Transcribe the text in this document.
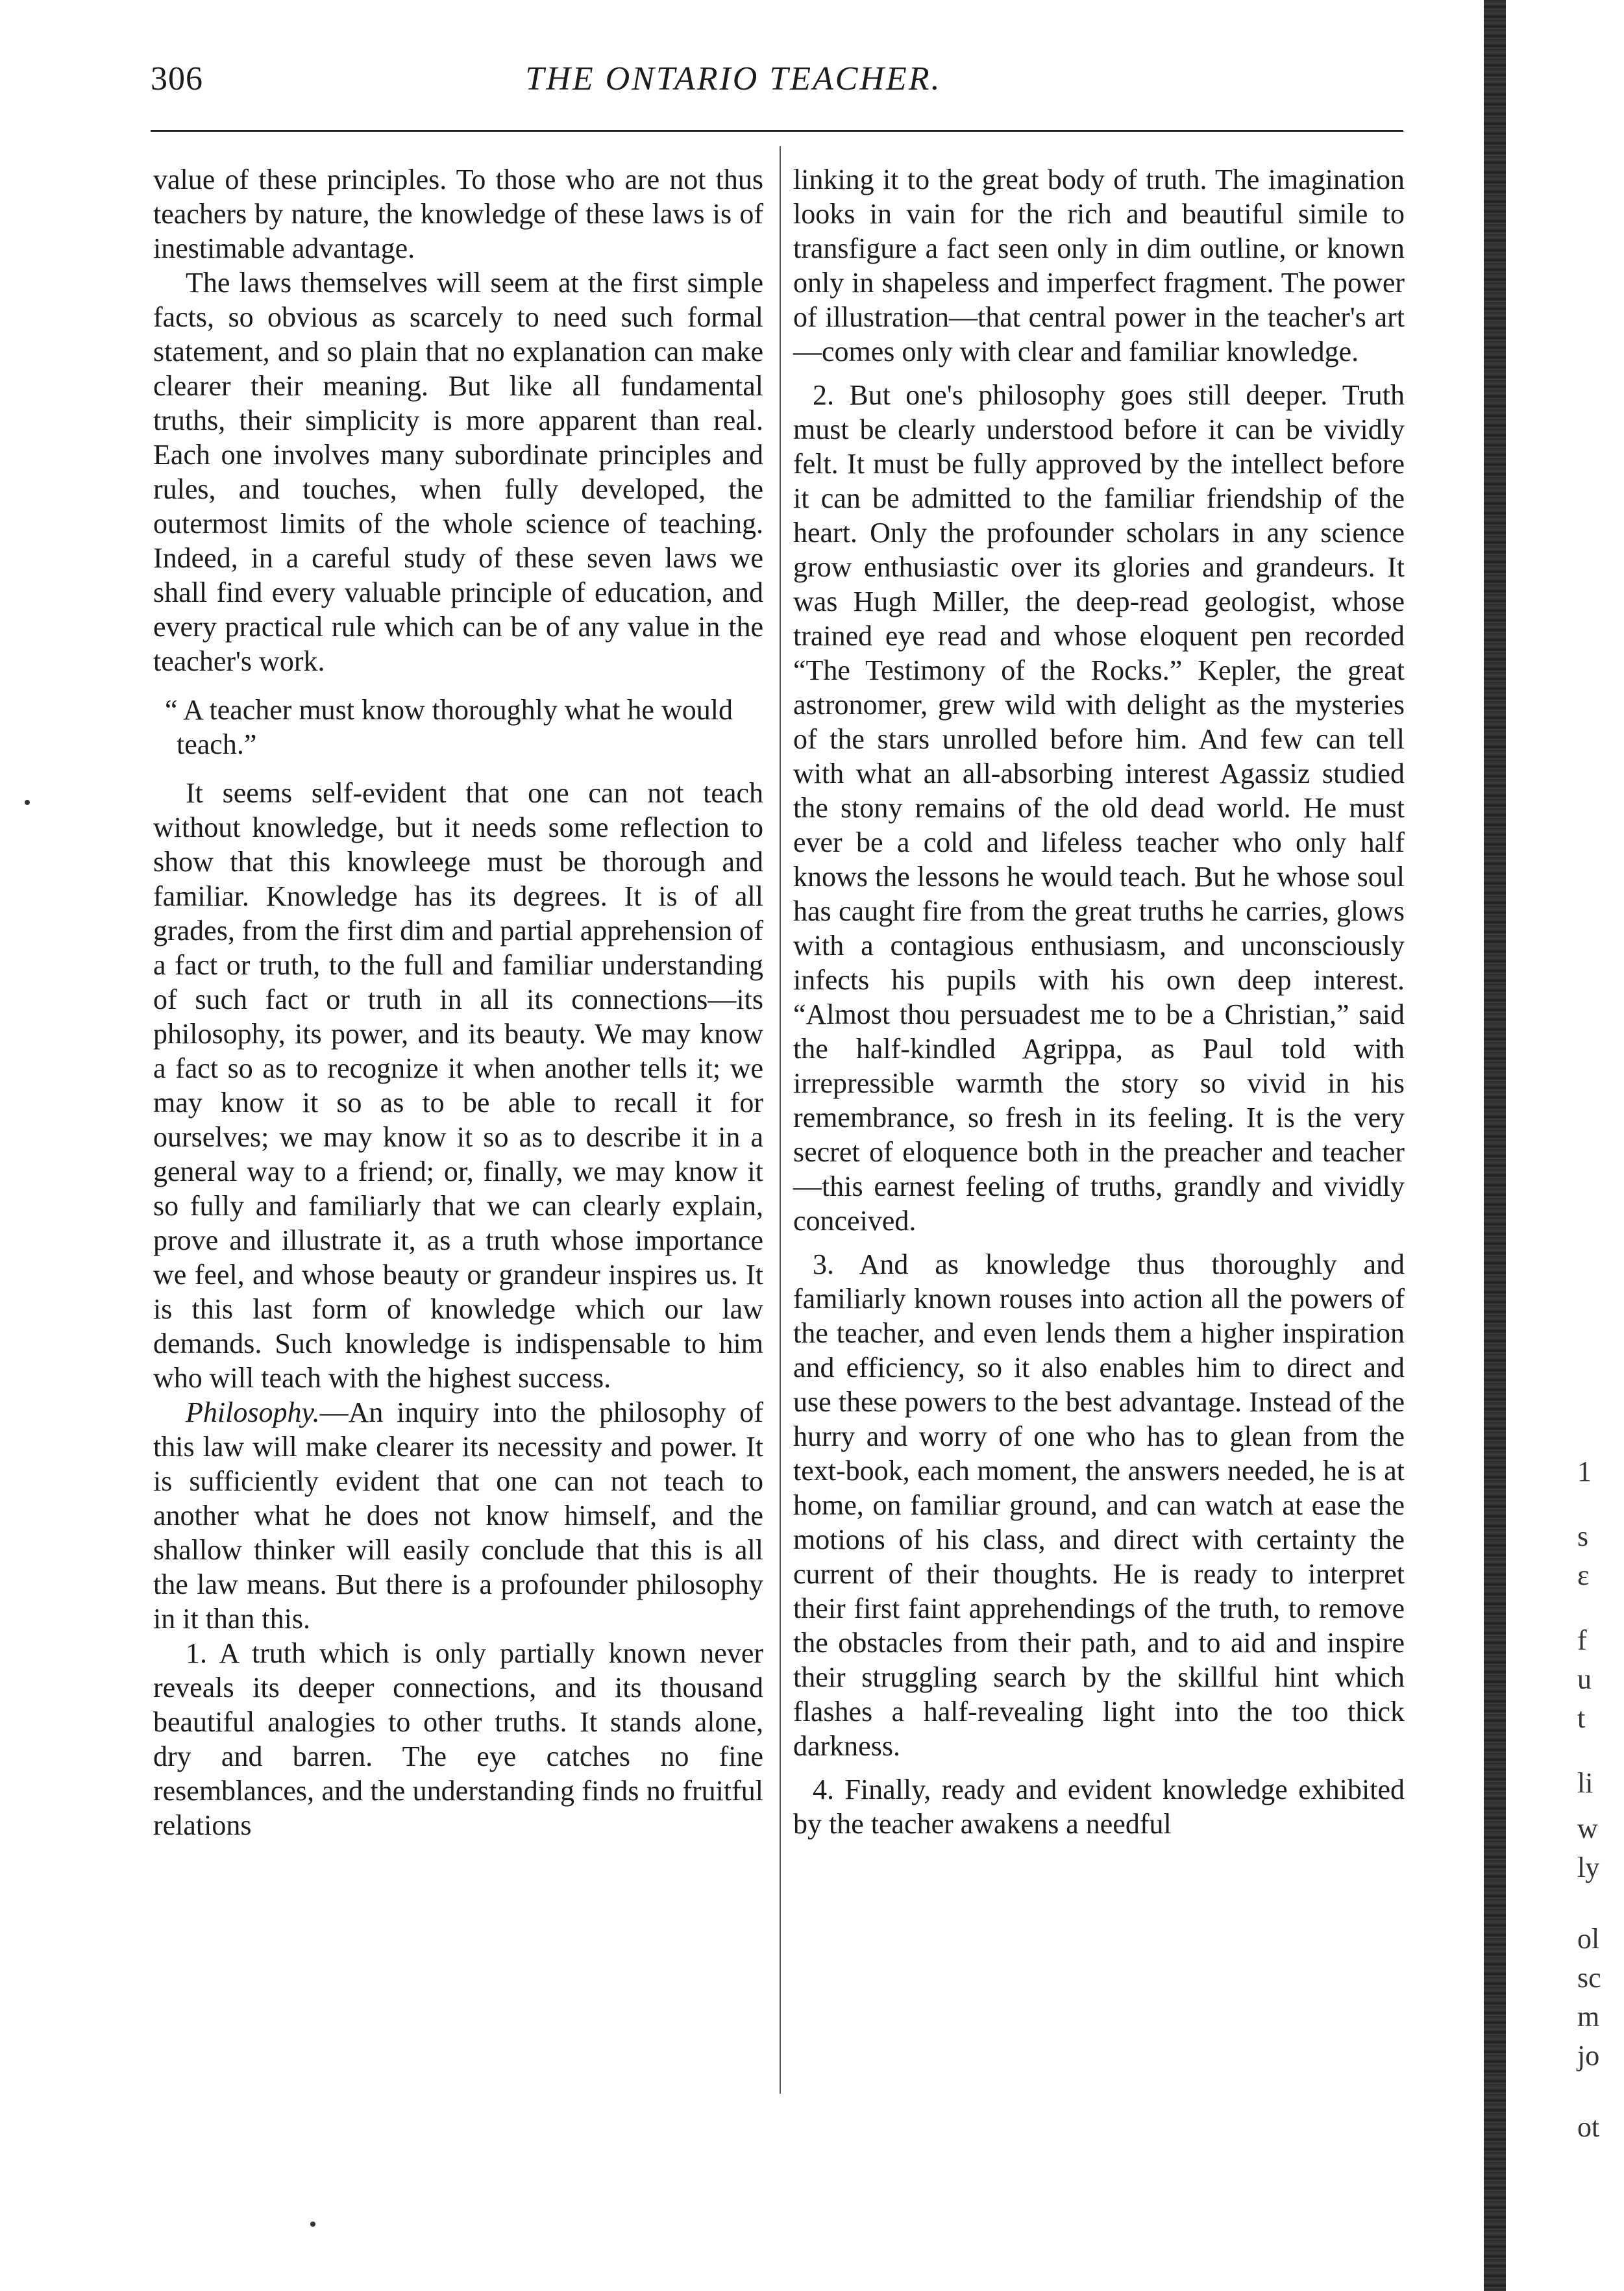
306	THE ONTARIO TEACHER.

value of these principles. To those who are not thus teachers by nature, the knowledge of these laws is of inestimable advantage.

The laws themselves will seem at the first simple facts, so obvious as scarcely to need such formal statement, and so plain that no explanation can make clearer their meaning. But like all fundamental truths, their simplicity is more apparent than real. Each one involves many subordinate principles and rules, and touches, when fully developed, the outermost limits of the whole science of teaching. Indeed, in a careful study of these seven laws we shall find every valuable principle of education, and every practical rule which can be of any value in the teacher's work.

“ A teacher must know thoroughly what he would teach.”

It seems self-evident that one can not teach without knowledge, but it needs some reflection to show that this knowleege must be thorough and familiar. Knowledge has its degrees. It is of all grades, from the first dim and partial apprehension of a fact or truth, to the full and familiar understanding of such fact or truth in all its connections—its philosophy, its power, and its beauty. We may know a fact so as to recognize it when another tells it; we may know it so as to be able to recall it for ourselves; we may know it so as to describe it in a general way to a friend; or, finally, we may know it so fully and familiarly that we can clearly explain, prove and illustrate it, as a truth whose importance we feel, and whose beauty or grandeur inspires us. It is this last form of knowledge which our law demands. Such knowledge is indispensable to him who will teach with the highest success.

Philosophy.—An inquiry into the philosophy of this law will make clearer its necessity and power. It is sufficiently evident that one can not teach to another what he does not know himself, and the shallow thinker will easily conclude that this is all the law means. But there is a profounder philosophy in it than this.

1. A truth which is only partially known never reveals its deeper connections, and its thousand beautiful analogies to other truths. It stands alone, dry and barren. The eye catches no fine resemblances, and the understanding finds no fruitful relations

linking it to the great body of truth. The imagination looks in vain for the rich and beautiful simile to transfigure a fact seen only in dim outline, or known only in shapeless and imperfect fragment. The power of illustration—that central power in the teacher's art—comes only with clear and familiar knowledge.

2. But one's philosophy goes still deeper. Truth must be clearly understood before it can be vividly felt. It must be fully approved by the intellect before it can be admitted to the familiar friendship of the heart. Only the profounder scholars in any science grow enthusiastic over its glories and grandeurs. It was Hugh Miller, the deep-read geologist, whose trained eye read and whose eloquent pen recorded “The Testimony of the Rocks.” Kepler, the great astronomer, grew wild with delight as the mysteries of the stars unrolled before him. And few can tell with what an all-absorbing interest Agassiz studied the stony remains of the old dead world. He must ever be a cold and lifeless teacher who only half knows the lessons he would teach. But he whose soul has caught fire from the great truths he carries, glows with a contagious enthusiasm, and unconsciously infects his pupils with his own deep interest. “Almost thou persuadest me to be a Christian,” said the half-kindled Agrippa, as Paul told with irrepressible warmth the story so vivid in his remembrance, so fresh in its feeling. It is the very secret of eloquence both in the preacher and teacher—this earnest feeling of truths, grandly and vividly conceived.

3. And as knowledge thus thoroughly and familiarly known rouses into action all the powers of the teacher, and even lends them a higher inspiration and efficiency, so it also enables him to direct and use these powers to the best advantage. Instead of the hurry and worry of one who has to glean from the text-book, each moment, the answers needed, he is at home, on familiar ground, and can watch at ease the motions of his class, and direct with certainty the current of their thoughts. He is ready to interpret their first faint apprehendings of the truth, to remove the obstacles from their path, and to aid and inspire their struggling search by the skillful hint which flashes a half-revealing light into the too thick darkness.

4. Finally, ready and evident knowledge exhibited by the teacher awakens a needful

1
s
ε
f
u
t
li
w
ly
ol
sc
m
jo
ot
